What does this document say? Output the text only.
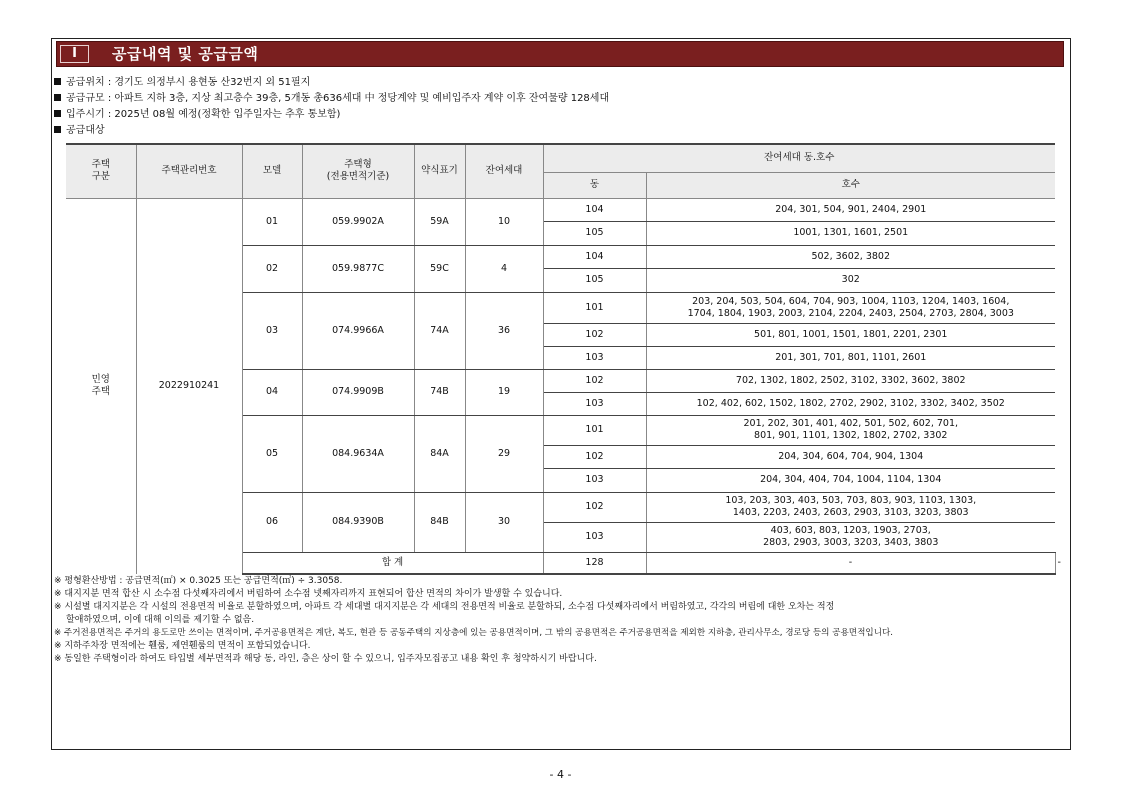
I	공급내역 및 공급금액
공급위치 : 경기도 의정부시 용현동 산32번지 외 51필지
공급규모 : 아파트 지하 3층, 지상 최고층수 39층, 5개동 총636세대 中 정당계약 및 예비입주자 계약 이후 잔여물량 128세대
입주시기 : 2025년 08월 예정(정확한 입주일자는 추후 통보함)
공급대상
주택
구분	주택관리번호	모델	주택형
(전용면적기준)	약식표기	잔여세대	잔여세대 동.호수		
						동	호수	

민영
주택	2022910241	01	059.9902A	59A	10	104	204, 301, 504, 901, 2404, 2901	
						105	1001, 1301, 1601, 2501	
		02	059.9877C	59C	4	104	502, 3602, 3802	
						105	302	
		03	074.9966A	74A	36	101	203, 204, 503, 504, 604, 704, 903, 1004, 1103, 1204, 1403, 1604,
1704, 1804, 1903, 2003, 2104, 2204, 2403, 2504, 2703, 2804, 3003	

						102	501, 801, 1001, 1501, 1801, 2201, 2301	
						103	201, 301, 701, 801, 1101, 2601	
		04	074.9909B	74B	19	102	702, 1302, 1802, 2502, 3102, 3302, 3602, 3802	
						103	102, 402, 602, 1502, 1802, 2702, 2902, 3102, 3302, 3402, 3502	
		05	084.9634A	84A	29	101	201, 202, 301, 401, 402, 501, 502, 602, 701,
801, 901, 1101, 1302, 1802, 2702, 3302	

						102	204, 304, 604, 704, 904, 1304	
						103	204, 304, 404, 704, 1004, 1104, 1304	
		06	084.9390B	84B	30	102	103, 203, 303, 403, 503, 703, 803, 903, 1103, 1303,
1403, 2203, 2403, 2603, 2903, 3103, 3203, 3803	

						103	403, 603, 803, 1203, 1903, 2703,
2803, 2903, 3003, 3203, 3403, 3803	

		합 계				128	-	-
※ 평형환산방법 : 공급면적(㎡) × 0.3025 또는 공급면적(㎡) ÷ 3.3058.
※ 대지지분 면적 합산 시 소수점 다섯째자리에서 버림하여 소수점 넷째자리까지 표현되어 합산 면적의 차이가 발생할 수 있습니다.
※ 시설별 대지지분은 각 시설의 전용면적 비율로 분할하였으며, 아파트 각 세대별 대지지분은 각 세대의 전용면적 비율로 분할하되, 소수점 다섯째자리에서 버림하였고, 각각의 버림에 대한 오차는 적정
할애하였으며, 이에 대해 이의를 제기할 수 없음.
※ 주거전용면적은 주거의 용도로만 쓰이는 면적이며, 주거공용면적은 계단, 복도, 현관 등 공동주택의 지상층에 있는 공용면적이며, 그 밖의 공용면적은 주거공용면적을 제외한 지하층, 관리사무소, 경로당 등의 공용면적입니다.
※ 지하주차장 면적에는 휀룸, 제연휀룸의 면적이 포함되었습니다.
※ 동일한 주택형이라 하여도 타입별 세부면적과 해당 동, 라인, 층은 상이 할 수 있으니, 입주자모집공고 내용 확인 후 청약하시기 바랍니다.
- 4 -
